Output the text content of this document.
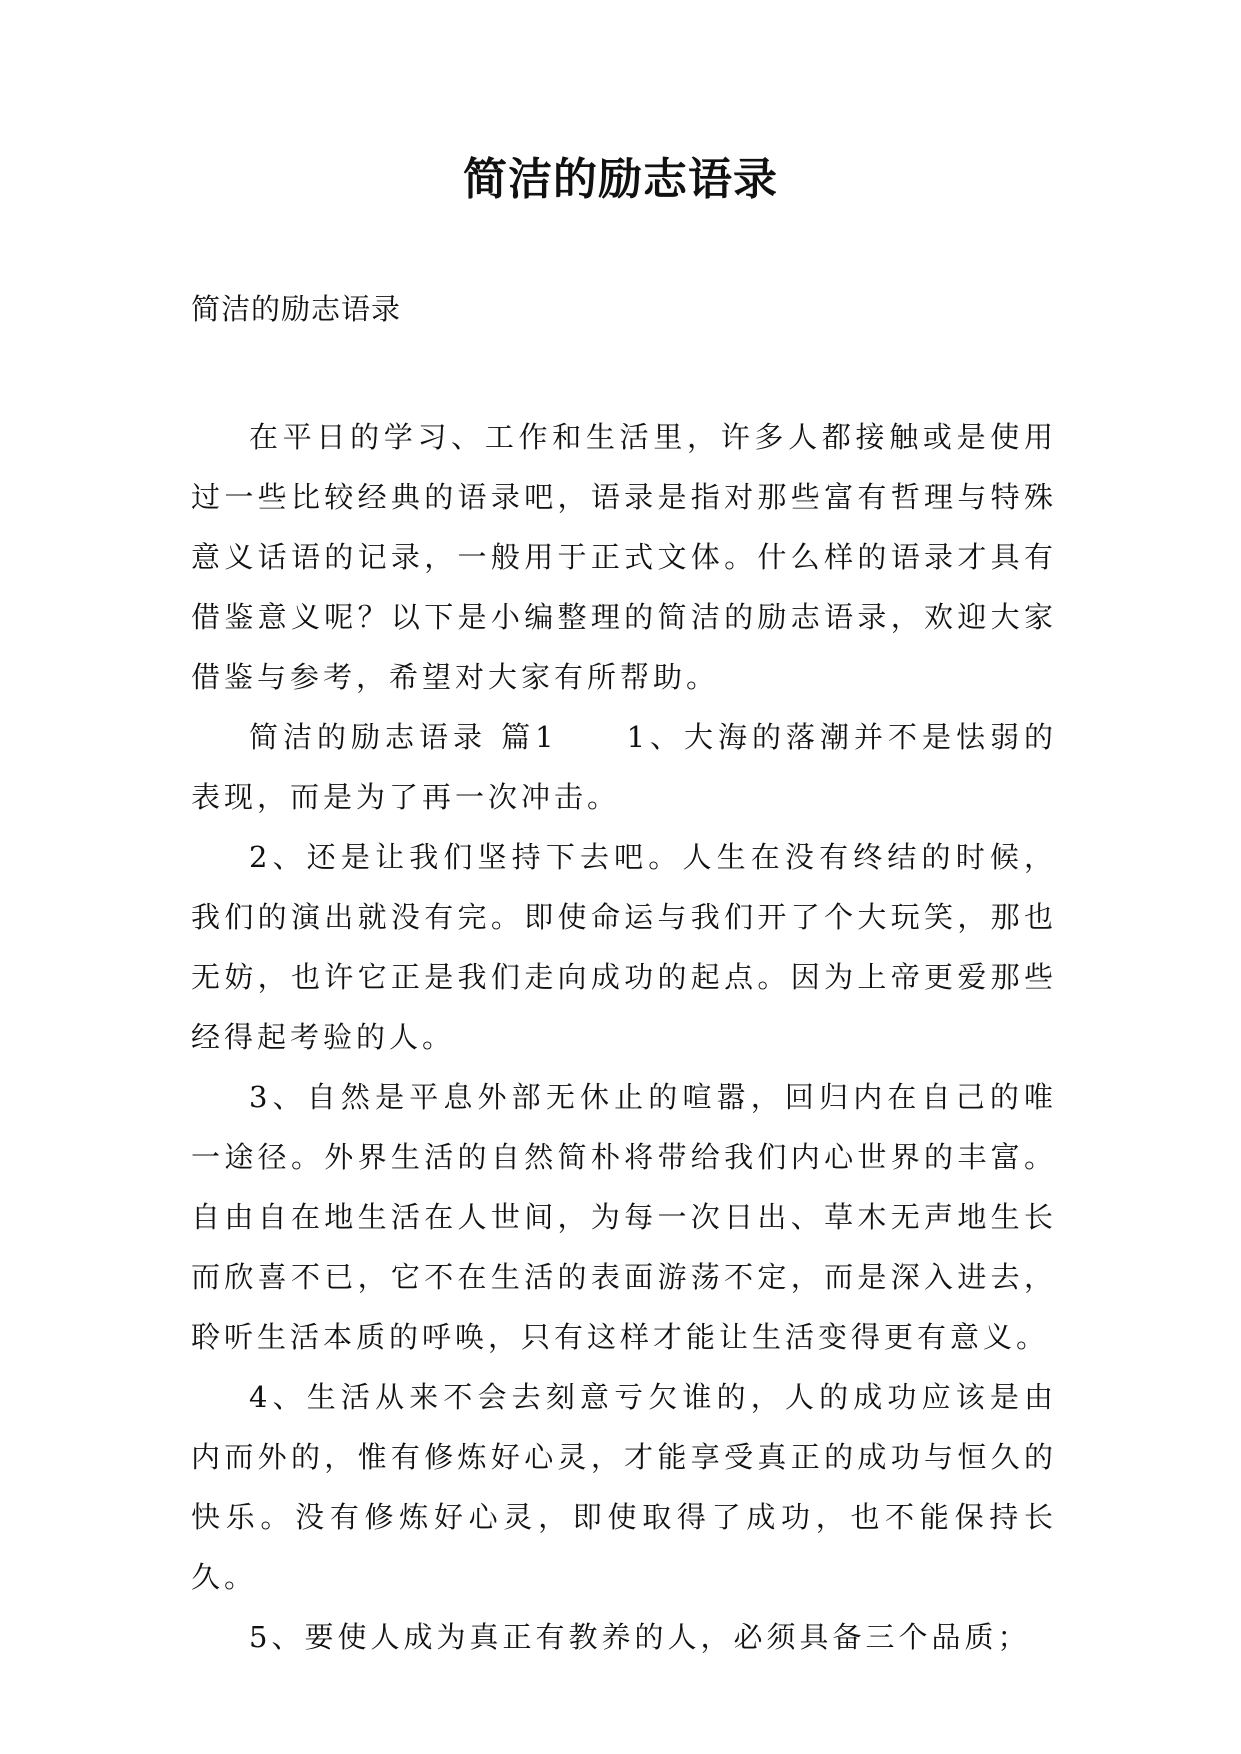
简洁的励志语录
简洁的励志语录

在平日的学习、工作和生活里，许多人都接触或是使用过一些比较经典的语录吧，语录是指对那些富有哲理与特殊意义话语的记录，一般用于正式文体。什么样的语录才具有借鉴意义呢？以下是小编整理的简洁的励志语录，欢迎大家借鉴与参考，希望对大家有所帮助。

简洁的励志语录 篇1　　1、大海的落潮并不是怯弱的表现，而是为了再一次冲击。

2、还是让我们坚持下去吧。人生在没有终结的时候，我们的演出就没有完。即使命运与我们开了个大玩笑，那也无妨，也许它正是我们走向成功的起点。因为上帝更爱那些经得起考验的人。

3、自然是平息外部无休止的喧嚣，回归内在自己的唯一途径。外界生活的自然简朴将带给我们内心世界的丰富。自由自在地生活在人世间，为每一次日出、草木无声地生长而欣喜不已，它不在生活的表面游荡不定，而是深入进去，聆听生活本质的呼唤，只有这样才能让生活变得更有意义。

4、生活从来不会去刻意亏欠谁的，人的成功应该是由内而外的，惟有修炼好心灵，才能享受真正的成功与恒久的快乐。没有修炼好心灵，即使取得了成功，也不能保持长久。

5、要使人成为真正有教养的人，必须具备三个品质；
